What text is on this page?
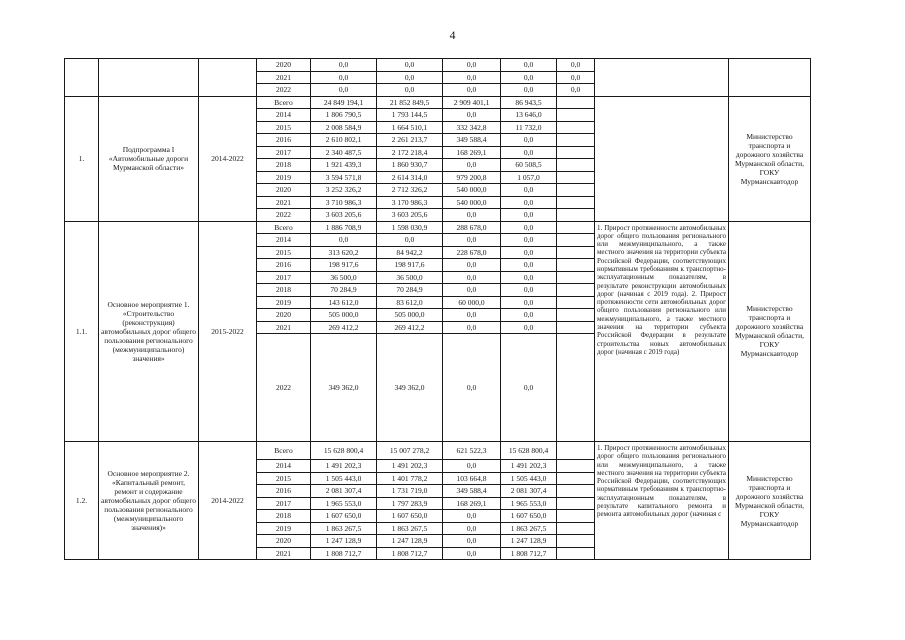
4
			2020	0,0	0,0	0,0	0,0	0,0		
			2021	0,0	0,0	0,0	0,0	0,0		
			2022	0,0	0,0	0,0	0,0	0,0		
1.	Подпрограмма I «Автомобильные дороги Мурманской области»	2014-2022	Всего	24 849 194,1	21 852 849,5	2 909 401,1	86 943,5			Министерство транспорта и дорожного хозяйства Мурманской области, ГОКУ Мурманскавтодор
			2014	1 806 790,5	1 793 144,5	0,0	13 646,0			
			2015	2 008 584,9	1 664 510,1	332 342,8	11 732,0			
			2016	2 610 802,1	2 261 213,7	349 588,4	0,0			
			2017	2 340 487,5	2 172 218,4	168 269,1	0,0			
			2018	1 921 439,3	1 860 930,7	0,0	60 508,5			
			2019	3 594 571,8	2 614 314,0	979 200,8	1 057,0			
			2020	3 252 326,2	2 712 326,2	540 000,0	0,0			
			2021	3 710 986,3	3 170 986,3	540 000,0	0,0			
			2022	3 603 205,6	3 603 205,6	0,0	0,0			
1.1.	Основное мероприятие 1. «Строительство (реконструкция) автомобильных дорог общего пользования регионального (межмуниципального) значения»	2015-2022	Всего	1 886 708,9	1 598 030,9	288 678,0	0,0		1. Прирост протяженности автомобильных дорог общего пользования регионального или межмуниципального, а также местного значения на территории субъекта Российской Федерации, соответствующих нормативным требованиям к транспортно-эксплуатационным показателям, в результате реконструкции автомобильных дорог (начиная с 2019 года). 2. Прирост протяженности сети автомобильных дорог общего пользования регионального или межмуниципального, а также местного значения на территории субъекта Российской Федерации в результате строительства новых автомобильных дорог (начиная с 2019 года)	Министерство транспорта и дорожного хозяйства Мурманской области, ГОКУ Мурманскавтодор
			2014	0,0	0,0	0,0	0,0			
			2015	313 620,2	84 942,2	228 678,0	0,0			
			2016	198 917,6	198 917,6	0,0	0,0			
			2017	36 500,0	36 500,0	0,0	0,0			
			2018	70 284,9	70 284,9	0,0	0,0			
			2019	143 612,0	83 612,0	60 000,0	0,0			
			2020	505 000,0	505 000,0	0,0	0,0			
			2021	269 412,2	269 412,2	0,0	0,0			
			2022	349 362,0	349 362,0	0,0	0,0			
1.2.	Основное мероприятие 2. «Капитальный ремонт, ремонт и содержание автомобильных дорог общего пользования регионального (межмуниципального значения)»	2014-2022	Всего	15 628 800,4	15 007 278,2	621 522,3	15 628 800,4		1. Прирост протяженности автомобильных дорог общего пользования регионального или межмуниципального, а также местного значения на территории субъекта Российской Федерации, соответствующих нормативным требованиям к транспортно-эксплуатационным показателям, в результате капитального ремонта и ремонта автомобильных дорог (начиная с	Министерство транспорта и дорожного хозяйства Мурманской области, ГОКУ Мурманскавтодор
			2014	1 491 202,3	1 491 202,3	0,0	1 491 202,3			
			2015	1 505 443,0	1 401 778,2	103 664,8	1 505 443,0			
			2016	2 081 307,4	1 731 719,0	349 588,4	2 081 307,4			
			2017	1 965 553,0	1 797 283,9	168 269,1	1 965 553,0			
			2018	1 607 650,0	1 607 650,0	0,0	1 607 650,0			
			2019	1 863 267,5	1 863 267,5	0,0	1 863 267,5			
			2020	1 247 128,9	1 247 128,9	0,0	1 247 128,9			
			2021	1 808 712,7	1 808 712,7	0,0	1 808 712,7			
